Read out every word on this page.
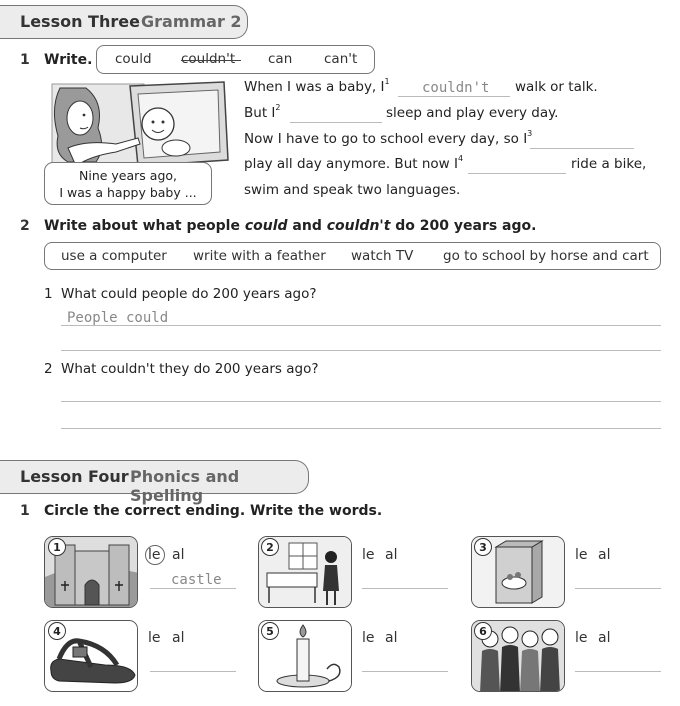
Lesson Three Grammar 2
1 Write. could couldn't can can't
Nine years ago,
I was a happy baby ...
When I was a baby, $I^1$ couldn't walk or talk.
But $I^2$	sleep and play every day.
Now I have to go to school every day, so $I^3$
play all day anymore. But now $I^4$	ride a bike,
swim and speak two languages.
2 Write about what people could and couldn't do 200 years ago.
use a computer write with a feather watch TV go to school by horse and cart
1 What could people do 200 years ago?
People could
2 What couldn't they do 200 years ago?
Lesson Four Phonics and Spelling
1 Circle the correct ending. Write the words.
1	le al
castle
2	le al	3	le al
4	le al	5	le al	6	le al
